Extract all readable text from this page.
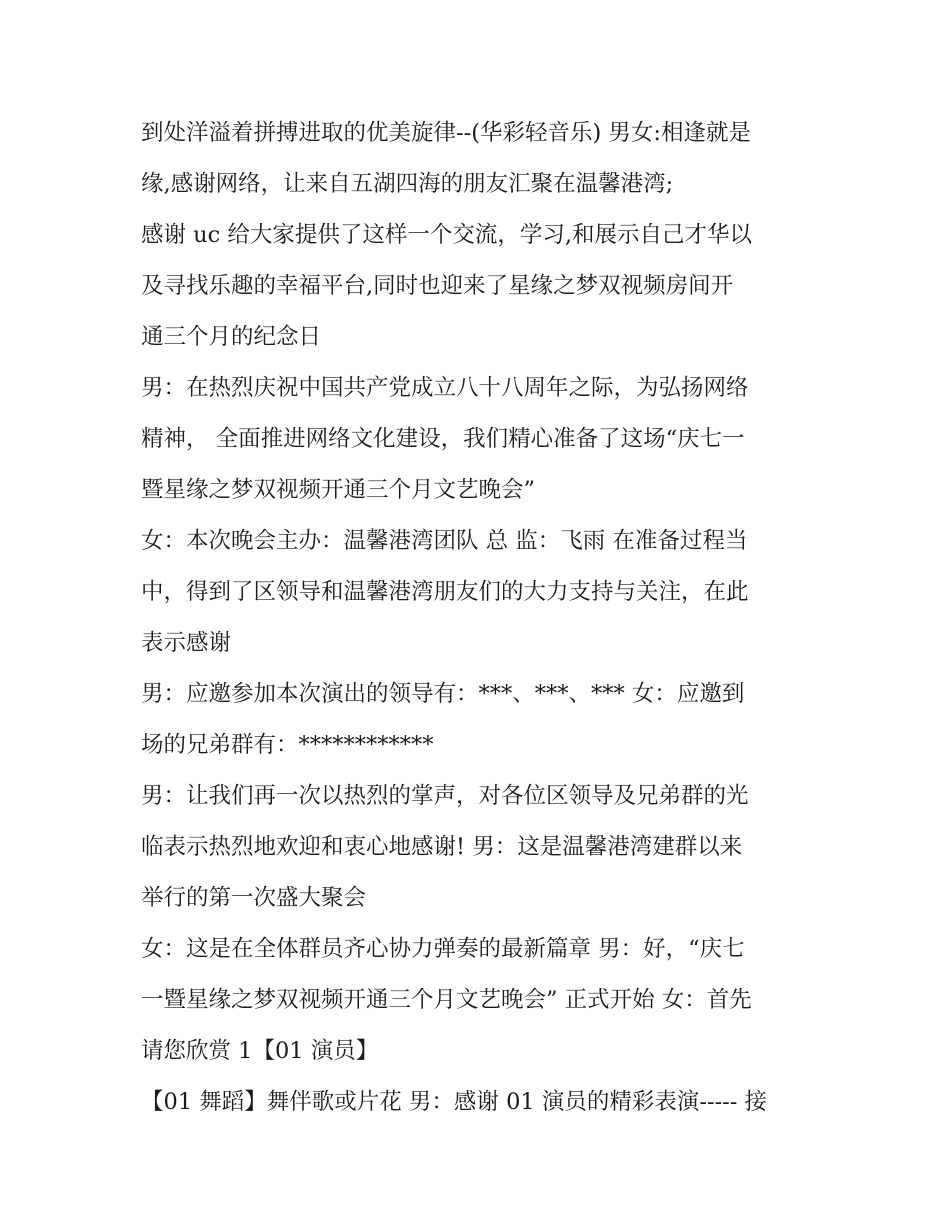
到处洋溢着拼搏进取的优美旋律--(华彩轻音乐) 男女:相逢就是
缘,感谢网络，让来自五湖四海的朋友汇聚在温馨港湾;
感谢 uc 给大家提供了这样一个交流，学习,和展示自己才华以
及寻找乐趣的幸福平台,同时也迎来了星缘之梦双视频房间开
通三个月的纪念日
男：在热烈庆祝中国共产党成立八十八周年之际，为弘扬网络
精神， 全面推进网络文化建设，我们精心准备了这场“庆七一
暨星缘之梦双视频开通三个月文艺晚会”
女：本次晚会主办：温馨港湾团队 总 监：飞雨 在准备过程当
中，得到了区领导和温馨港湾朋友们的大力支持与关注，在此
表示感谢
男：应邀参加本次演出的领导有：***、***、*** 女：应邀到
场的兄弟群有：************
男：让我们再一次以热烈的掌声，对各位区领导及兄弟群的光
临表示热烈地欢迎和衷心地感谢! 男：这是温馨港湾建群以来
举行的第一次盛大聚会
女：这是在全体群员齐心协力弹奏的最新篇章 男：好，“庆七
一暨星缘之梦双视频开通三个月文艺晚会” 正式开始 女：首先
请您欣赏 1【01 演员】
【01 舞蹈】舞伴歌或片花 男：感谢 01 演员的精彩表演----- 接
